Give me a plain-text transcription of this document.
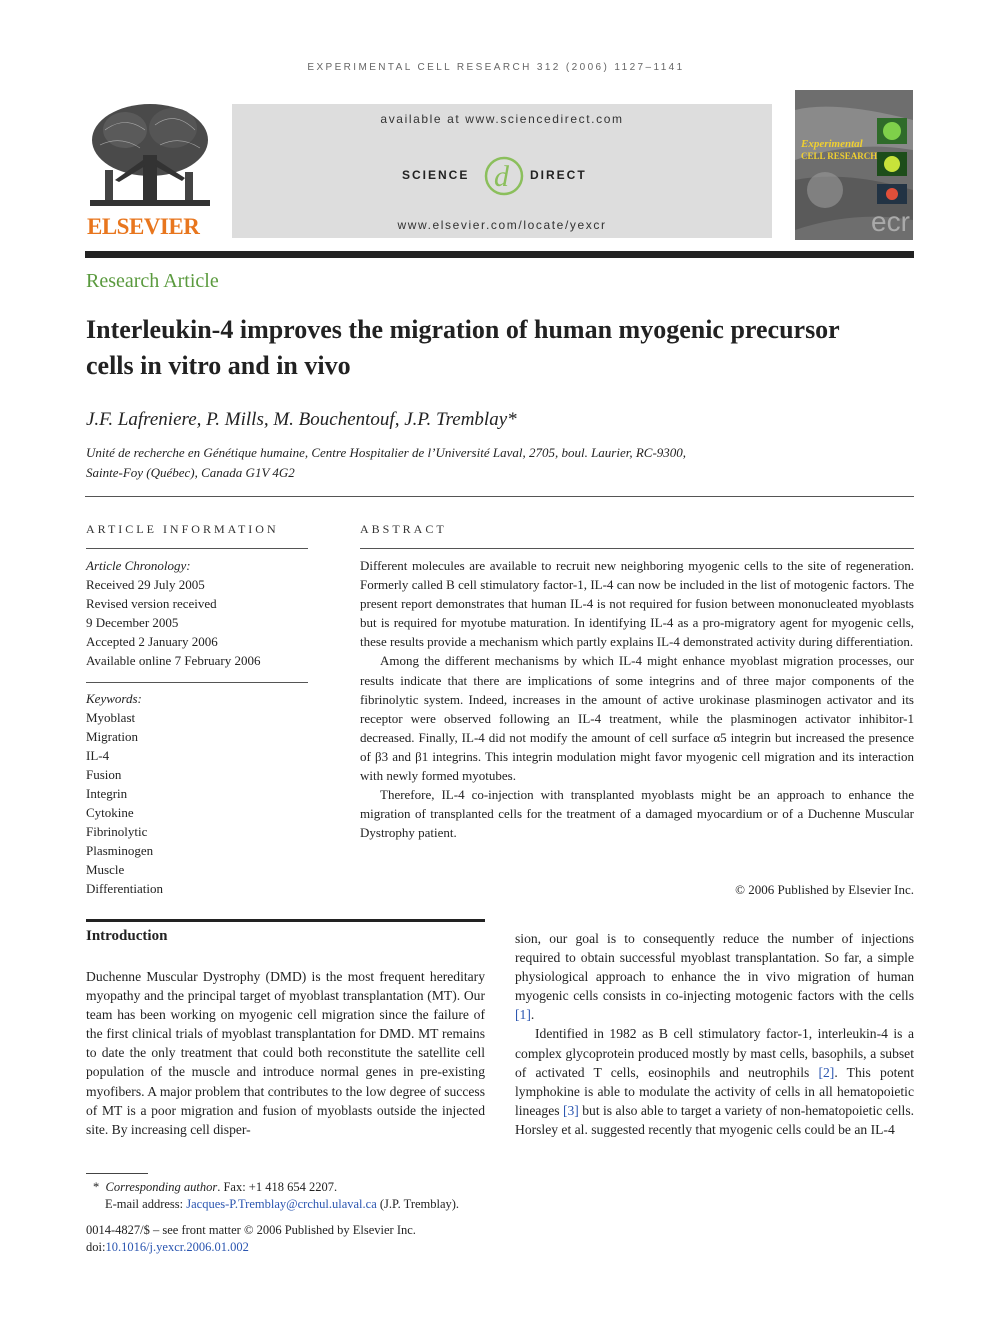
EXPERIMENTAL CELL RESEARCH 312 (2006) 1127–1141
ELSEVIER
available at www.sciencedirect.com
SCIENCE d DIRECT
www.elsevier.com/locate/yexcr
Experimental
CELL RESEARCH
ecr
Research Article
Interleukin-4 improves the migration of human myogenic precursor cells in vitro and in vivo
J.F. Lafreniere, P. Mills, M. Bouchentouf, J.P. Tremblay*
Unité de recherche en Génétique humaine, Centre Hospitalier de l’Université Laval, 2705, boul. Laurier, RC-9300,
Sainte-Foy (Québec), Canada G1V 4G2
ARTICLE INFORMATION	ABSTRACT
Article Chronology:
Received 29 July 2005
Revised version received
9 December 2005
Accepted 2 January 2006
Available online 7 February 2006
Keywords:
Myoblast
Migration
IL-4
Fusion
Integrin
Cytokine
Fibrinolytic
Plasminogen
Muscle
Differentiation

Different molecules are available to recruit new neighboring myogenic cells to the site of regeneration. Formerly called B cell stimulatory factor-1, IL-4 can now be included in the list of motogenic factors. The present report demonstrates that human IL-4 is not required for fusion between mononucleated myoblasts but is required for myotube maturation. In identifying IL-4 as a pro-migratory agent for myogenic cells, these results provide a mechanism which partly explains IL-4 demonstrated activity during differentiation.

Among the different mechanisms by which IL-4 might enhance myoblast migration processes, our results indicate that there are implications of some integrins and of three major components of the fibrinolytic system. Indeed, increases in the amount of active urokinase plasminogen activator and its receptor were observed following an IL-4 treatment, while the plasminogen activator inhibitor-1 decreased. Finally, IL-4 did not modify the amount of cell surface α5 integrin but increased the presence of β3 and β1 integrins. This integrin modulation might favor myogenic cell migration and its interaction with newly formed myotubes.

Therefore, IL-4 co-injection with transplanted myoblasts might be an approach to enhance the migration of transplanted cells for the treatment of a damaged myocardium or of a Duchenne Muscular Dystrophy patient.

© 2006 Published by Elsevier Inc.
Introduction

Duchenne Muscular Dystrophy (DMD) is the most frequent hereditary myopathy and the principal target of myoblast transplantation (MT). Our team has been working on myogenic cell migration since the failure of the first clinical trials of myoblast transplantation for DMD. MT remains to date the only treatment that could both reconstitute the satellite cell population of the muscle and introduce normal genes in pre-existing myofibers. A major problem that contributes to the low degree of success of MT is a poor migration and fusion of myoblasts outside the injected site. By increasing cell disper-

sion, our goal is to consequently reduce the number of injections required to obtain successful myoblast transplantation. So far, a simple physiological approach to enhance the in vivo migration of human myogenic cells consists in co-injecting motogenic factors with the cells [1].

Identified in 1982 as B cell stimulatory factor-1, interleukin-4 is a complex glycoprotein produced mostly by mast cells, basophils, a subset of activated T cells, eosinophils and neutrophils [2]. This potent lymphokine is able to modulate the activity of cells in all hematopoietic lineages [3] but is also able to target a variety of non-hematopoietic cells. Horsley et al. suggested recently that myogenic cells could be an IL-4

* Corresponding author. Fax: +1 418 654 2207.
E-mail address: Jacques-P.Tremblay@crchul.ulaval.ca (J.P. Tremblay).
0014-4827/$ – see front matter © 2006 Published by Elsevier Inc.
doi:10.1016/j.yexcr.2006.01.002
